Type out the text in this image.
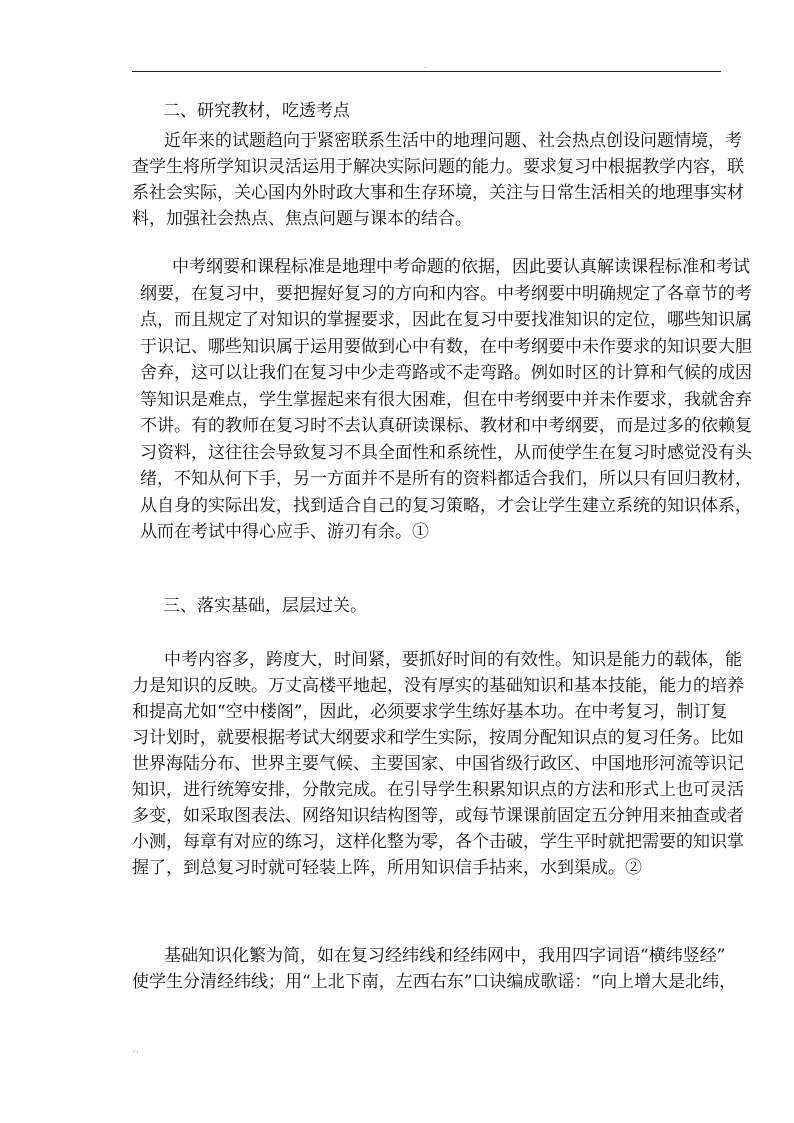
.

二、研究教材，吃透考点

近年来的试题趋向于紧密联系生活中的地理问题、社会热点创设问题情境，考
查学生将所学知识灵活运用于解决实际问题的能力。要求复习中根据教学内容，联
系社会实际，关心国内外时政大事和生存环境，关注与日常生活相关的地理事实材
料，加强社会热点、焦点问题与课本的结合。

中考纲要和课程标准是地理中考命题的依据，因此要认真解读课程标准和考试
纲要，在复习中，要把握好复习的方向和内容。中考纲要中明确规定了各章节的考
点，而且规定了对知识的掌握要求，因此在复习中要找准知识的定位，哪些知识属
于识记、哪些知识属于运用要做到心中有数，在中考纲要中未作要求的知识要大胆
舍弃，这可以让我们在复习中少走弯路或不走弯路。例如时区的计算和气候的成因
等知识是难点，学生掌握起来有很大困难，但在中考纲要中并未作要求，我就舍弃
不讲。有的教师在复习时不去认真研读课标、教材和中考纲要，而是过多的依赖复
习资料，这往往会导致复习不具全面性和系统性，从而使学生在复习时感觉没有头
绪，不知从何下手，另一方面并不是所有的资料都适合我们，所以只有回归教材，
从自身的实际出发，找到适合自己的复习策略，才会让学生建立系统的知识体系，
从而在考试中得心应手、游刃有余。①

三、落实基础，层层过关。

中考内容多，跨度大，时间紧，要抓好时间的有效性。知识是能力的载体，能
力是知识的反映。万丈高楼平地起，没有厚实的基础知识和基本技能，能力的培养
和提高尤如“空中楼阁”，因此，必须要求学生练好基本功。在中考复习，制订复
习计划时，就要根据考试大纲要求和学生实际，按周分配知识点的复习任务。比如
世界海陆分布、世界主要气候、主要国家、中国省级行政区、中国地形河流等识记
知识，进行统筹安排，分散完成。在引导学生积累知识点的方法和形式上也可灵活
多变，如采取图表法、网络知识结构图等，或每节课课前固定五分钟用来抽查或者
小测，每章有对应的练习，这样化整为零，各个击破，学生平时就把需要的知识掌
握了，到总复习时就可轻装上阵，所用知识信手拈来，水到渠成。②

基础知识化繁为简，如在复习经纬线和经纬网中，我用四字词语“横纬竖经”
使学生分清经纬线；用“上北下南，左西右东”口诀编成歌谣：“向上增大是北纬，

..
